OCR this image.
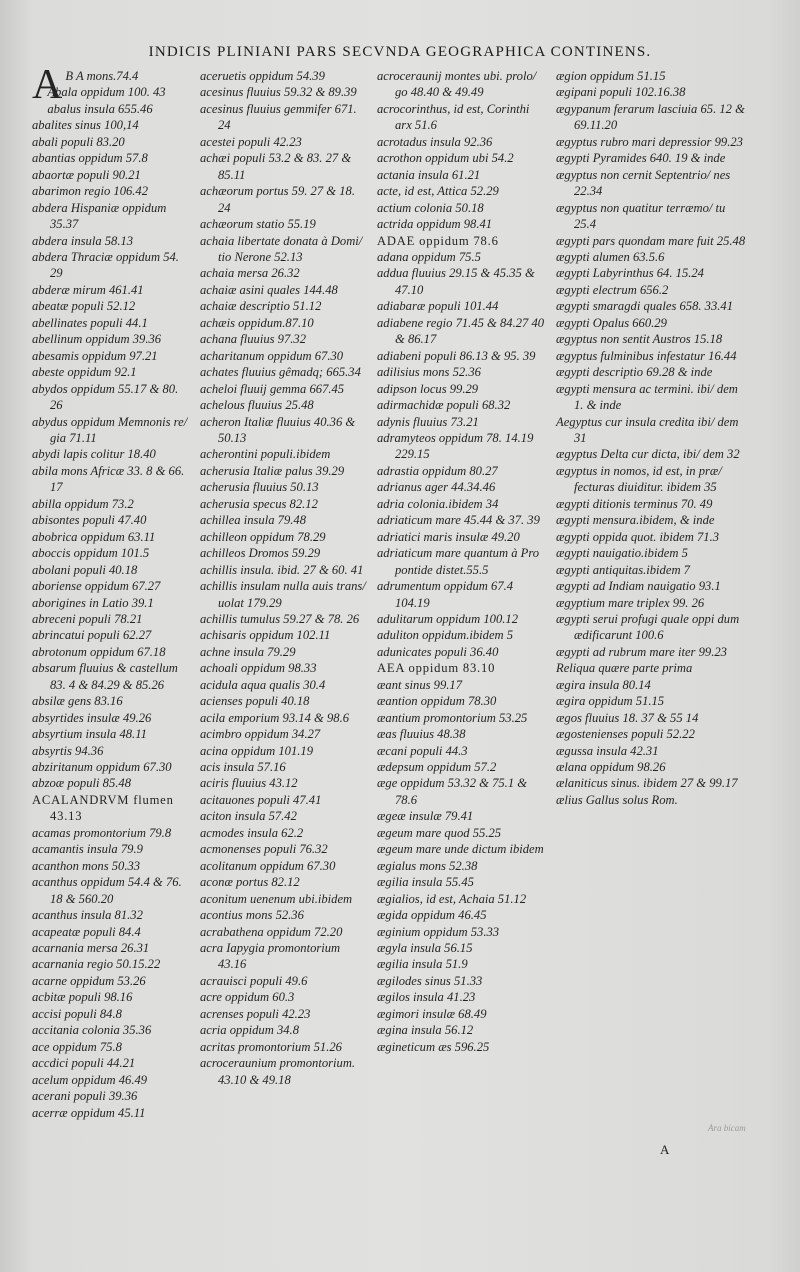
INDICIS PLINIANI PARS SECVNDA GEOGRAPHICA CONTINENS.
A B A mons.74.4
Abala oppidum 100. 43
abalus insula 655.46
abalites sinus 100,14
abali populi 83.20
abantias oppidum 57.8
abaortæ populi 90.21
abarimon regio 106.42
abdera Hispaniæ oppidum 35.37
abdera insula 58.13
abdera Thraciæ oppidum 54. 29
abderæ mirum 461.41
abeatæ populi 52.12
abellinates populi 44.1
abellinum oppidum 39.36
abesamis oppidum 97.21
abeste oppidum 92.1
abydos oppidum 55.17 & 80. 26
abydus oppidum Memnonis re/ gia 71.11
abydi lapis colitur 18.40
abila mons Africæ 33. 8 & 66. 17
abilla oppidum 73.2
abisontes populi 47.40
abobrica oppidum 63.11
aboccis oppidum 101.5
abolani populi 40.18
aboriense oppidum 67.27
aborigines in Latio 39.1
abreceni populi 78.21
abrincatui populi 62.27
abrotonum oppidum 67.18
absarum fluuius & castellum 83. 4 & 84.29 & 85.26
absilæ gens 83.16
absyrtides insulæ 49.26
absyrtium insula 48.11
absyrtis 94.36
abziritanum oppidum 67.30
abzoæ populi 85.48
ACALANDRVM flumen 43.13
acamas promontorium 79.8
acamantis insula 79.9
acanthon mons 50.33
acanthus oppidum 54.4 & 76. 18 & 560.20
acanthus insula 81.32
acapeatæ populi 84.4
acarnania mersa 26.31
acarnania regio 50.15.22
acarne oppidum 53.26
acbitæ populi 98.16
accisi populi 84.8
accitania colonia 35.36
ace oppidum 75.8
accdici populi 44.21
acelum oppidum 46.49
acerani populi 39.36
acerræ oppidum 45.11
aceruetis oppidum 54.39
acesinus fluuius 59.32 & 89.39
acesinus fluuius gemmifer 671. 24
acestei populi 42.23
achæi populi 53.2 & 83. 27 & 85.11
achæorum portus 59. 27 & 18. 24
achæorum statio 55.19
achaia libertate donata à Domi/ tio Nerone 52.13
achaia mersa 26.32
achaiæ asini quales 144.48
achaiæ descriptio 51.12
achæis oppidum.87.10
achana fluuius 97.32
acharitanum oppidum 67.30
achates fluuius gêmadq; 665.34
acheloi fluuij gemma 667.45
achelous fluuius 25.48
acheron Italiæ fluuius 40.36 & 50.13
acherontini populi.ibidem
acherusia Italiæ palus 39.29
acherusia fluuius 50.13
acherusia specus 82.12
achillea insula 79.48
achilleon oppidum 78.29
achilleos Dromos 59.29
achillis insula. ibid. 27 & 60. 41
achillis insulam nulla auis trans/ uolat 179.29
achillis tumulus 59.27 & 78. 26
achisaris oppidum 102.11
achne insula 79.29
achoali oppidum 98.33
acidula aqua qualis 30.4
acienses populi 40.18
acila emporium 93.14 & 98.6
acimbro oppidum 34.27
acina oppidum 101.19
acis insula 57.16
aciris fluuius 43.12
acitauones populi 47.41
aciton insula 57.42
acmodes insula 62.2
acmonenses populi 76.32
acolitanum oppidum 67.30
aconæ portus 82.12
aconitum uenenum ubi.ibidem
acontius mons 52.36
acrabathena oppidum 72.20
acra Iapygia promontorium 43.16
acrauisci populi 49.6
acre oppidum 60.3
acrenses populi 42.23
acria oppidum 34.8
acritas promontorium 51.26
acroceraunium promontorium. 43.10 & 49.18
acroceraunij montes ubi. prolo/ go 48.40 & 49.49
acrocorinthus, id est, Corinthi arx 51.6
acrotadus insula 92.36
acrothon oppidum ubi 54.2
actania insula 61.21
acte, id est, Attica 52.29
actium colonia 50.18
actrida oppidum 98.41
ADAE oppidum 78.6
adana oppidum 75.5
addua fluuius 29.15 & 45.35 & 47.10
adiabaræ populi 101.44
adiabene regio 71.45 & 84.27 40 & 86.17
adiabeni populi 86.13 & 95. 39
adilisius mons 52.36
adipson locus 99.29
adirmachidæ populi 68.32
adynis fluuius 73.21
adramyteos oppidum 78. 14.19 229.15
adrastia oppidum 80.27
adrianus ager 44.34.46
adria colonia.ibidem 34
adriaticum mare 45.44 & 37. 39
adriatici maris insulæ 49.20
adriaticum mare quantum à Pro pontide distet.55.5
adrumentum oppidum 67.4 104.19
adulitarum oppidum 100.12
aduliton oppidum.ibidem 5
adunicates populi 36.40
AEA oppidum 83.10
æant sinus 99.17
æantion oppidum 78.30
æantium promontorium 53.25
æas fluuius 48.38
æcani populi 44.3
ædepsum oppidum 57.2
æge oppidum 53.32 & 75.1 & 78.6
ægeæ insulæ 79.41
ægeum mare quod 55.25
ægeum mare unde dictum ibidem
ægialus mons 52.38
ægilia insula 55.45
ægialios, id est, Achaia 51.12
ægida oppidum 46.45
æginium oppidum 53.33
ægyla insula 56.15
ægilia insula 51.9
ægilodes sinus 51.33
ægilos insula 41.23
ægimori insulæ 68.49
ægina insula 56.12
ægineticum æs 596.25
ægion oppidum 51.15
ægipani populi 102.16.38
ægypanum ferarum lasciuia 65. 12 & 69.11.20
ægyptus rubro mari depressior 99.23
ægypti Pyramides 640. 19 & inde
ægyptus non cernit Septentrio/ nes 22.34
ægyptus non quatitur terræmo/ tu 25.4
ægypti pars quondam mare fuit 25.48
ægypti alumen 63.5.6
ægypti Labyrinthus 64. 15.24
ægypti electrum 656.2
ægypti smaragdi quales 658. 33.41
ægypti Opalus 660.29
ægyptus non sentit Austros 15.18
ægyptus fulminibus infestatur 16.44
ægypti descriptio 69.28 & inde
ægypti mensura ac termini. ibi/ dem 1. & inde
Aegyptus cur insula credita ibi/ dem 31
ægyptus Delta cur dicta, ibi/ dem 32
ægyptus in nomos, id est, in præ/ fecturas diuiditur. ibidem 35
ægypti ditionis terminus 70. 49
ægypti mensura.ibidem, & inde
ægypti oppida quot. ibidem 71.3
ægypti nauigatio.ibidem 5
ægypti antiquitas.ibidem 7
ægypti ad Indiam nauigatio 93.1
ægyptium mare triplex 99. 26
ægypti serui profugi quale oppi dum ædificarunt 100.6
ægypti ad rubrum mare iter 99.23
Reliqua quære parte prima
ægira insula 80.14
ægira oppidum 51.15
ægos fluuius 18. 37 & 55 14
ægostenienses populi 52.22
ægussa insula 42.31
ælana oppidum 98.26
ælaniticus sinus. ibidem 27 & 99.17
ælius Gallus solus Rom.
A
Ara bicam
